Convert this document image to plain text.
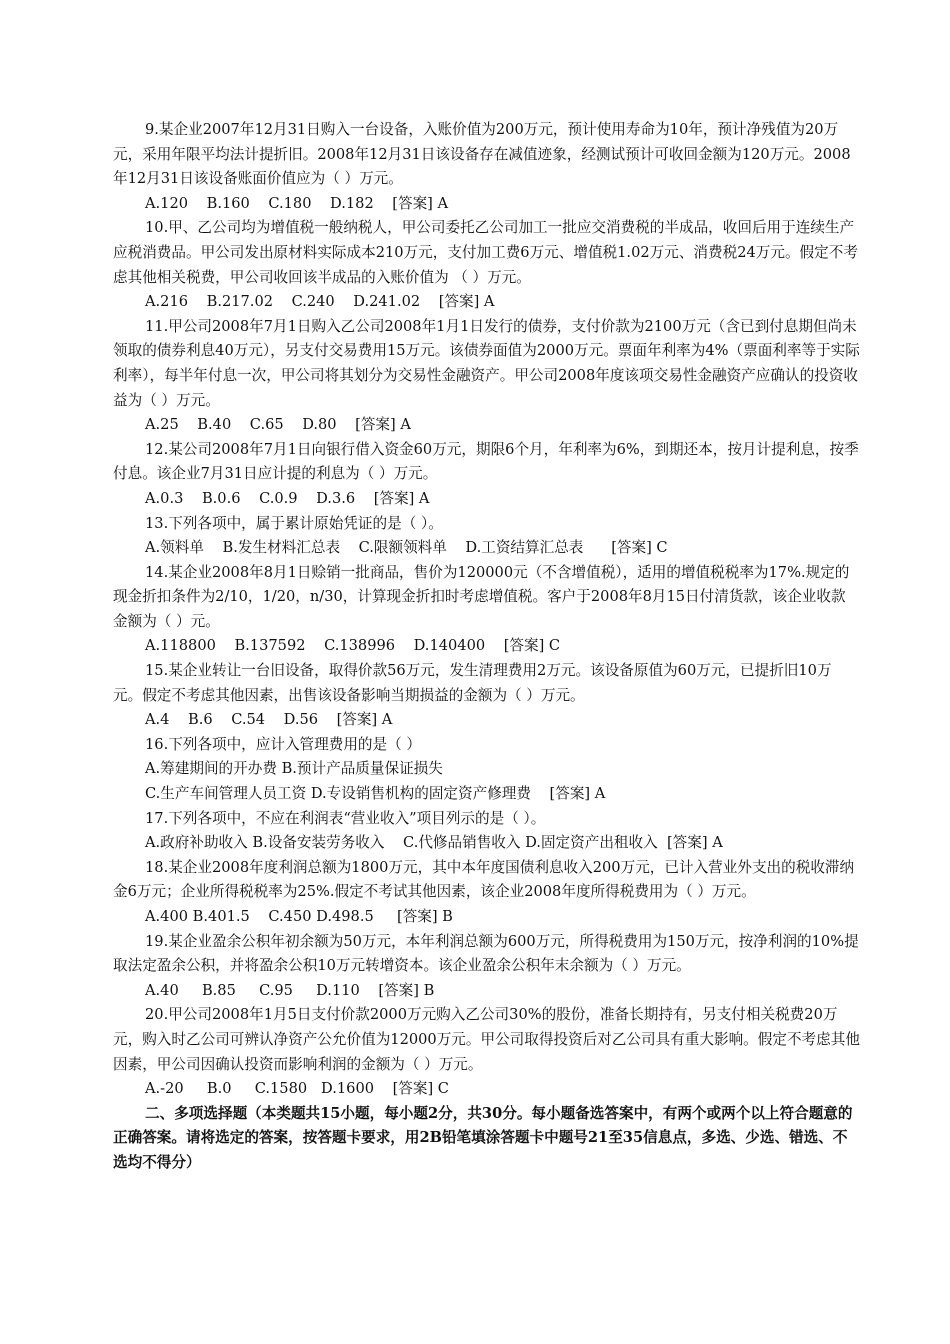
9.某企业2007年12月31日购入一台设备，入账价值为200万元，预计使用寿命为10年，预计净残值为20万元，采用年限平均法计提折旧。2008年12月31日该设备存在减值迹象，经测试预计可收回金额为120万元。2008年12月31日该设备账面价值应为（ ）万元。

A.120    B.160    C.180    D.182    [答案] A

10.甲、乙公司均为增值税一般纳税人，甲公司委托乙公司加工一批应交消费税的半成品，收回后用于连续生产应税消费品。甲公司发出原材料实际成本210万元，支付加工费6万元、增值税1.02万元、消费税24万元。假定不考虑其他相关税费，甲公司收回该半成品的入账价值为 （ ）万元。

A.216    B.217.02    C.240    D.241.02    [答案] A

11.甲公司2008年7月1日购入乙公司2008年1月1日发行的债券，支付价款为2100万元（含已到付息期但尚未领取的债券利息40万元），另支付交易费用15万元。该债券面值为2000万元。票面年利率为4%（票面利率等于实际利率），每半年付息一次，甲公司将其划分为交易性金融资产。甲公司2008年度该项交易性金融资产应确认的投资收益为（ ）万元。

A.25    B.40    C.65    D.80    [答案] A

12.某公司2008年7月1日向银行借入资金60万元，期限6个月，年利率为6%，到期还本，按月计提利息，按季付息。该企业7月31日应计提的利息为（ ）万元。

A.0.3    B.0.6    C.0.9    D.3.6    [答案] A

13.下列各项中，属于累计原始凭证的是（ ）。

A.领料单    B.发生材料汇总表    C.限额领料单    D.工资结算汇总表      [答案] C

14.某企业2008年8月1日赊销一批商品，售价为120000元（不含增值税），适用的增值税税率为17%.规定的现金折扣条件为2/10，1/20，n/30，计算现金折扣时考虑增值税。客户于2008年8月15日付清货款，该企业收款金额为（ ）元。

A.118800    B.137592    C.138996    D.140400    [答案] C

15.某企业转让一台旧设备，取得价款56万元，发生清理费用2万元。该设备原值为60万元，已提折旧10万元。假定不考虑其他因素，出售该设备影响当期损益的金额为（ ）万元。

A.4    B.6    C.54    D.56    [答案] A

16.下列各项中，应计入管理费用的是（ ）

A.筹建期间的开办费 B.预计产品质量保证损失

C.生产车间管理人员工资 D.专设销售机构的固定资产修理费    [答案] A

17.下列各项中，不应在利润表“营业收入”项目列示的是（ ）。

A.政府补助收入 B.设备安装劳务收入    C.代修品销售收入 D.固定资产出租收入  [答案] A

18.某企业2008年度利润总额为1800万元，其中本年度国债利息收入200万元，已计入营业外支出的税收滞纳金6万元；企业所得税税率为25%.假定不考试其他因素，该企业2008年度所得税费用为（ ）万元。

A.400 B.401.5    C.450 D.498.5     [答案] B

19.某企业盈余公积年初余额为50万元，本年利润总额为600万元，所得税费用为150万元，按净利润的10%提取法定盈余公积，并将盈余公积10万元转增资本。该企业盈余公积年末余额为（ ）万元。

A.40     B.85     C.95     D.110    [答案] B

20.甲公司2008年1月5日支付价款2000万元购入乙公司30%的股份，准备长期持有，另支付相关税费20万元，购入时乙公司可辨认净资产公允价值为12000万元。甲公司取得投资后对乙公司具有重大影响。假定不考虑其他因素，甲公司因确认投资而影响利润的金额为（ ）万元。

A.-20     B.0     C.1580   D.1600    [答案] C

二、多项选择题（本类题共15小题，每小题2分，共30分。每小题备选答案中，有两个或两个以上符合题意的正确答案。请将选定的答案，按答题卡要求，用2B铅笔填涂答题卡中题号21至35信息点，多选、少选、错选、不选均不得分）
